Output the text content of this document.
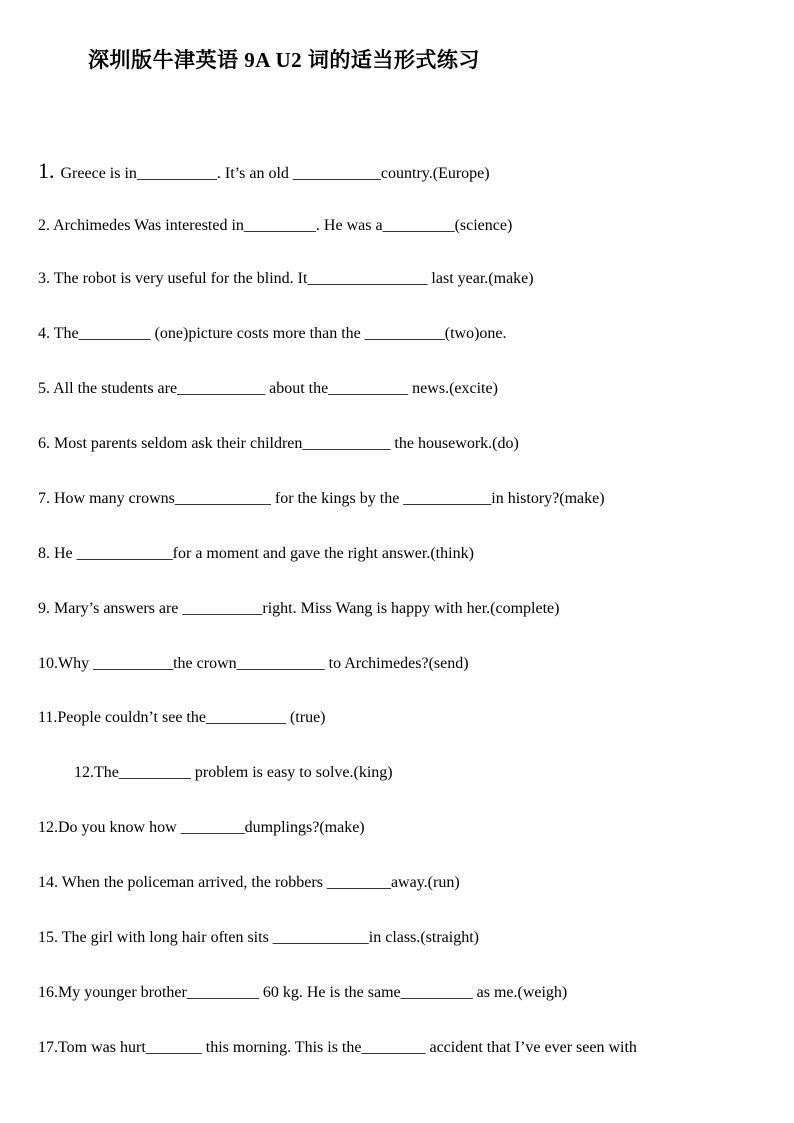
深圳版牛津英语 9A U2 词的适当形式练习
1. Greece is in__________. It’s an old ___________country.(Europe)
2. Archimedes Was interested in_________. He was a_________(science)
3. The robot is very useful for the blind. It_______________ last year.(make)
4. The_________ (one)picture costs more than the __________(two)one.
5. All the students are___________ about the__________ news.(excite)
6. Most parents seldom ask their children___________ the housework.(do)
7. How many crowns____________ for the kings by the ___________in history?(make)
8. He ____________for a moment and gave the right answer.(think)
9. Mary’s answers are __________right. Miss Wang is happy with her.(complete)
10.Why __________the crown___________ to Archimedes?(send)
11.People couldn’t see the__________ (true)
12.The_________ problem is easy to solve.(king)
12.Do you know how ________dumplings?(make)
14. When the policeman arrived, the robbers ________away.(run)
15. The girl with long hair often sits ____________in class.(straight)
16.My younger brother_________ 60 kg. He is the same_________ as me.(weigh)
17.Tom was hurt_______ this morning. This is the________ accident that I’ve ever seen with
